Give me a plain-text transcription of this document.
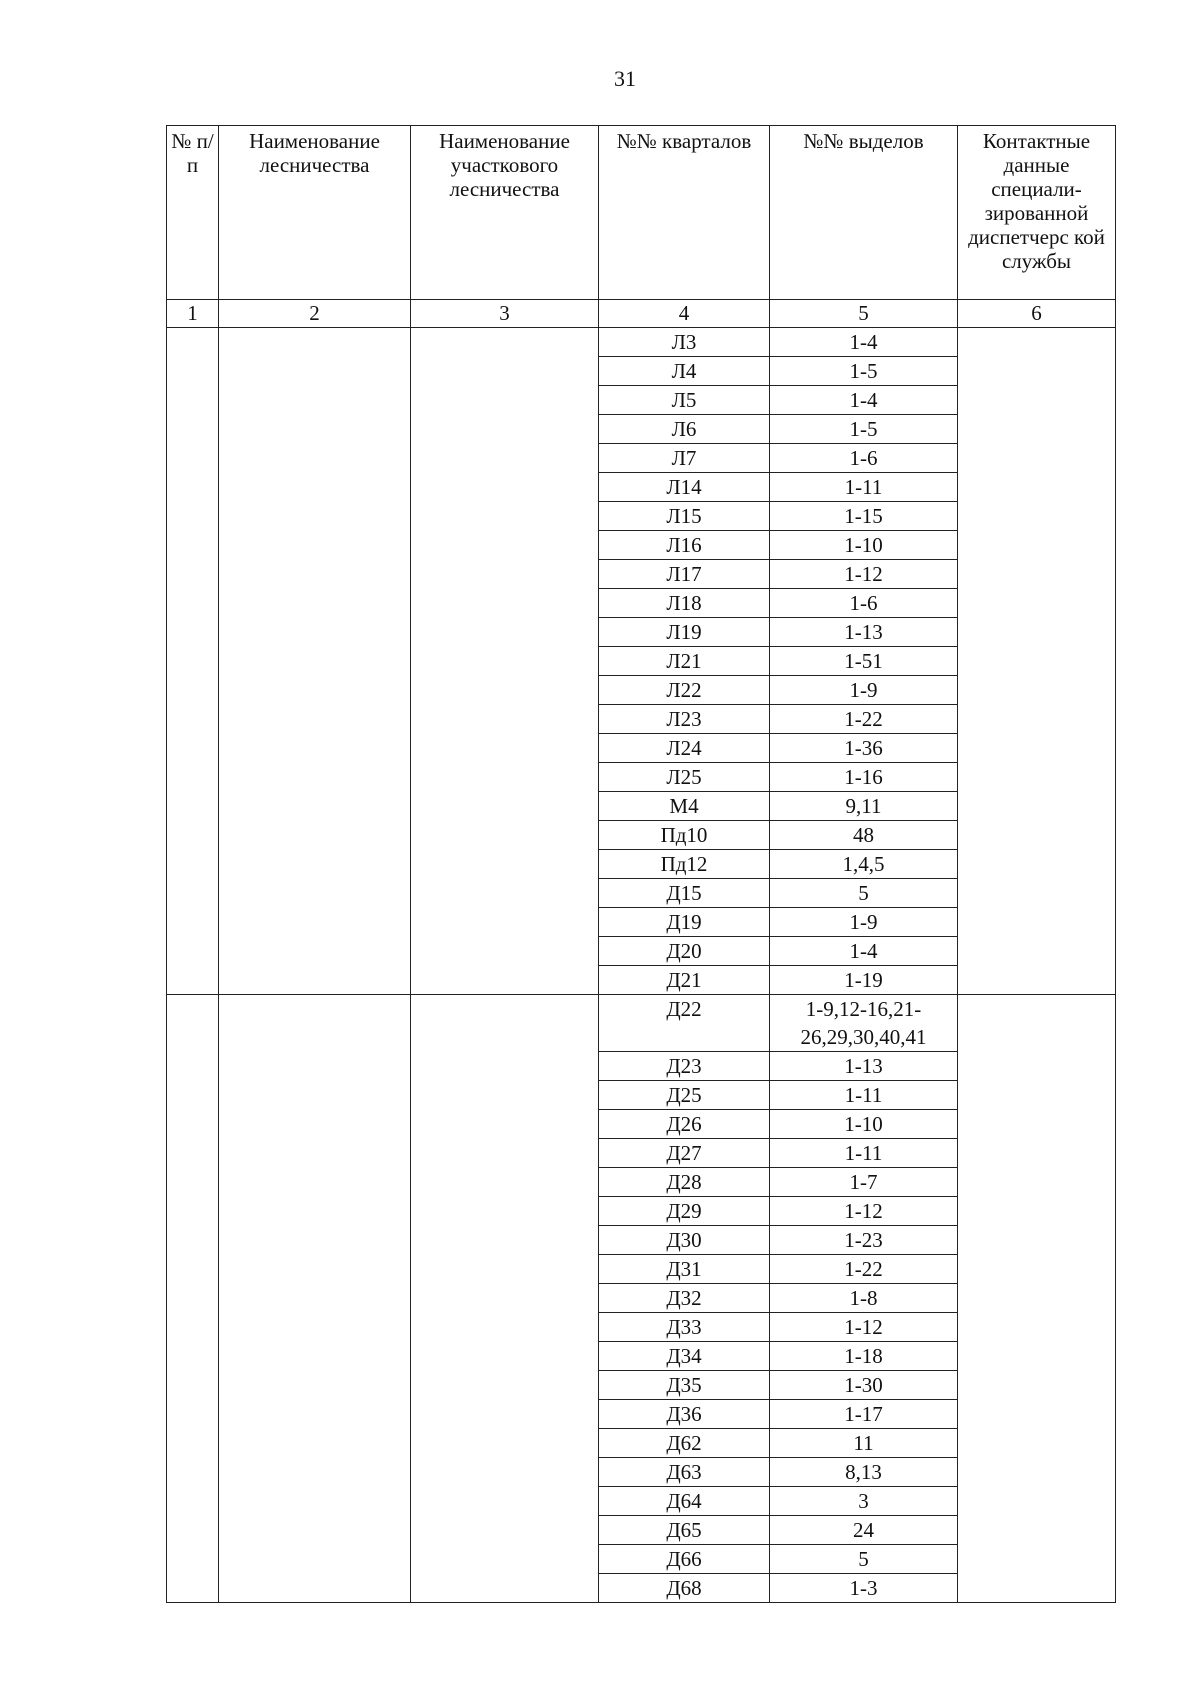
31
№ п/п	Наименование лесничества	Наименование участкового лесничества	№№ кварталов	№№ выделов	Контактные данные специали-зированной диспетчерс кой службы
1	2	3	4	5	6
			Л3	1-4	
			Л4	1-5	
			Л5	1-4	
			Л6	1-5	
			Л7	1-6	
			Л14	1-11	
			Л15	1-15	
			Л16	1-10	
			Л17	1-12	
			Л18	1-6	
			Л19	1-13	
			Л21	1-51	
			Л22	1-9	
			Л23	1-22	
			Л24	1-36	
			Л25	1-16	
			М4	9,11	
			Пд10	48	
			Пд12	1,4,5	
			Д15	5	
			Д19	1-9	
			Д20	1-4	
			Д21	1-19	
			Д22	1-9,12-16,21-26,29,30,40,41	
			Д23	1-13	
			Д25	1-11	
			Д26	1-10	
			Д27	1-11	
			Д28	1-7	
			Д29	1-12	
			Д30	1-23	
			Д31	1-22	
			Д32	1-8	
			Д33	1-12	
			Д34	1-18	
			Д35	1-30	
			Д36	1-17	
			Д62	11	
			Д63	8,13	
			Д64	3	
			Д65	24	
			Д66	5	
			Д68	1-3	
